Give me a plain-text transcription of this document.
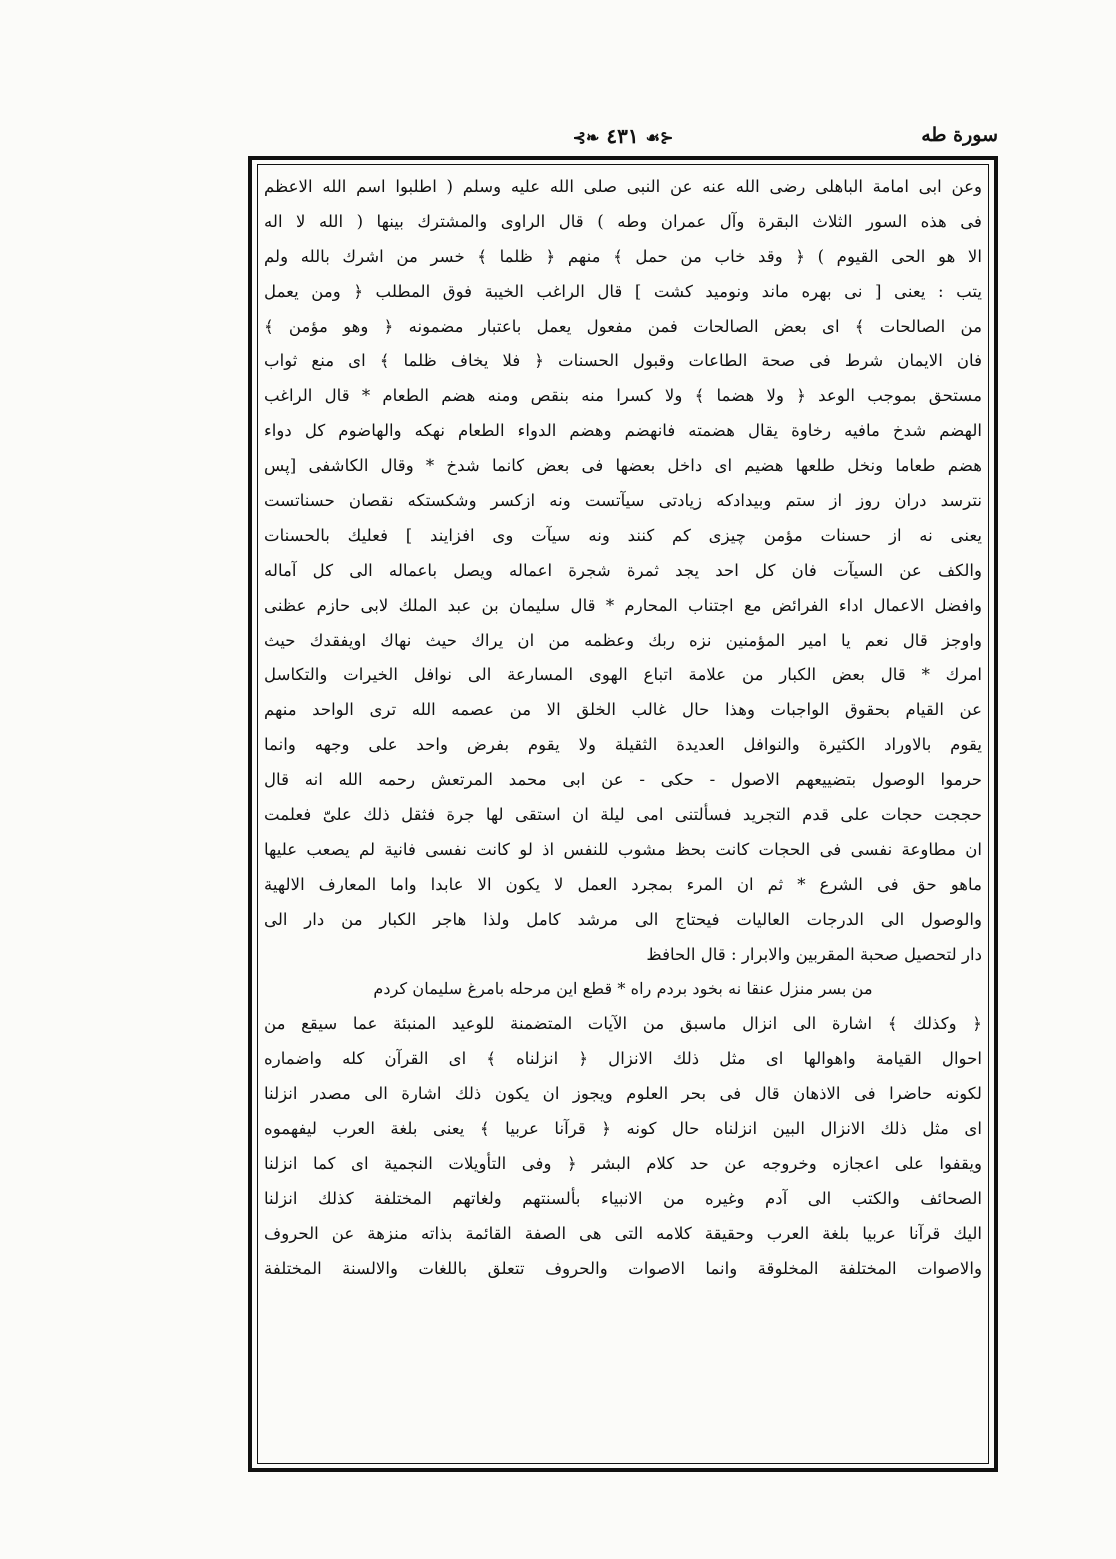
سورة طه
⊰❧ ٤٣١ ☙⊱
وعن ابى امامة الباهلى رضى الله عنه عن النبى صلى الله عليه وسلم ( اطلبوا اسم الله الاعظم
فى هذه السور الثلاث البقرة وآل عمران وطه ) قال الراوى والمشترك بينها ( الله لا اله
الا هو الحى القيوم ) ﴿ وقد خاب من حمل ﴾ منهم ﴿ ظلما ﴾ خسر من اشرك بالله ولم
يتب : يعنى [ نى بهره ماند ونوميد كشت ] قال الراغب الخيبة فوق المطلب ﴿ ومن يعمل
من الصالحات ﴾ اى بعض الصالحات فمن مفعول يعمل باعتبار مضمونه ﴿ وهو مؤمن ﴾
فان الايمان شرط فى صحة الطاعات وقبول الحسنات ﴿ فلا يخاف ظلما ﴾ اى منع ثواب
مستحق بموجب الوعد ﴿ ولا هضما ﴾ ولا كسرا منه بنقص ومنه هضم الطعام * قال الراغب
الهضم شدخ مافيه رخاوة يقال هضمته فانهضم وهضم الدواء الطعام نهكه والهاضوم كل دواء
هضم طعاما ونخل طلعها هضيم اى داخل بعضها فى بعض كانما شدخ * وقال الكاشفى [پس
نترسد دران روز از ستم وبيدادكه زيادتى سيآتست ونه ازكسر وشكستكه نقصان حسناتست
يعنى نه از حسنات مؤمن چيزى كم كنند ونه سيآت وى افزايند ] فعليك بالحسنات
والكف عن السيآت فان كل احد يجد ثمرة شجرة اعماله ويصل باعماله الى كل آماله
وافضل الاعمال اداء الفرائض مع اجتناب المحارم * قال سليمان بن عبد الملك لابى حازم عظنى
واوجز قال نعم يا امير المؤمنين نزه ربك وعظمه من ان يراك حيث نهاك اويفقدك حيث
امرك * قال بعض الكبار من علامة اتباع الهوى المسارعة الى نوافل الخيرات والتكاسل
عن القيام بحقوق الواجبات وهذا حال غالب الخلق الا من عصمه الله ترى الواحد منهم
يقوم بالاوراد الكثيرة والنوافل العديدة الثقيلة ولا يقوم بفرض واحد على وجهه وانما
حرموا الوصول بتضييعهم الاصول - حكى - عن ابى محمد المرتعش رحمه الله انه قال
حججت حجات على قدم التجريد فسألتنى امى ليلة ان استقى لها جرة فثقل ذلك علىّ فعلمت
ان مطاوعة نفسى فى الحجات كانت بحظ مشوب للنفس اذ لو كانت نفسى فانية لم يصعب عليها
ماهو حق فى الشرع * ثم ان المرء بمجرد العمل لا يكون الا عابدا واما المعارف الالهية
والوصول الى الدرجات العاليات فيحتاج الى مرشد كامل ولذا هاجر الكبار من دار الى
دار لتحصيل صحبة المقربين والابرار : قال الحافظ
من بسر منزل عنقا نه بخود بردم راه * قطع اين مرحله بامرغ سليمان كردم
﴿ وكذلك ﴾ اشارة الى انزال ماسبق من الآيات المتضمنة للوعيد المنبئة عما سيقع من
احوال القيامة واهوالها اى مثل ذلك الانزال ﴿ انزلناه ﴾ اى القرآن كله واضماره
لكونه حاضرا فى الاذهان قال فى بحر العلوم ويجوز ان يكون ذلك اشارة الى مصدر انزلنا
اى مثل ذلك الانزال البين انزلناه حال كونه ﴿ قرآنا عربيا ﴾ يعنى بلغة العرب ليفهموه
ويقفوا على اعجازه وخروجه عن حد كلام البشر ﴿ وفى التأويلات النجمية اى كما انزلنا
الصحائف والكتب الى آدم وغيره من الانبياء بألسنتهم ولغاتهم المختلفة كذلك انزلنا
اليك قرآنا عربيا بلغة العرب وحقيقة كلامه التى هى الصفة القائمة بذاته منزهة عن الحروف
والاصوات المختلفة المخلوقة وانما الاصوات والحروف تتعلق باللغات والالسنة المختلفة
